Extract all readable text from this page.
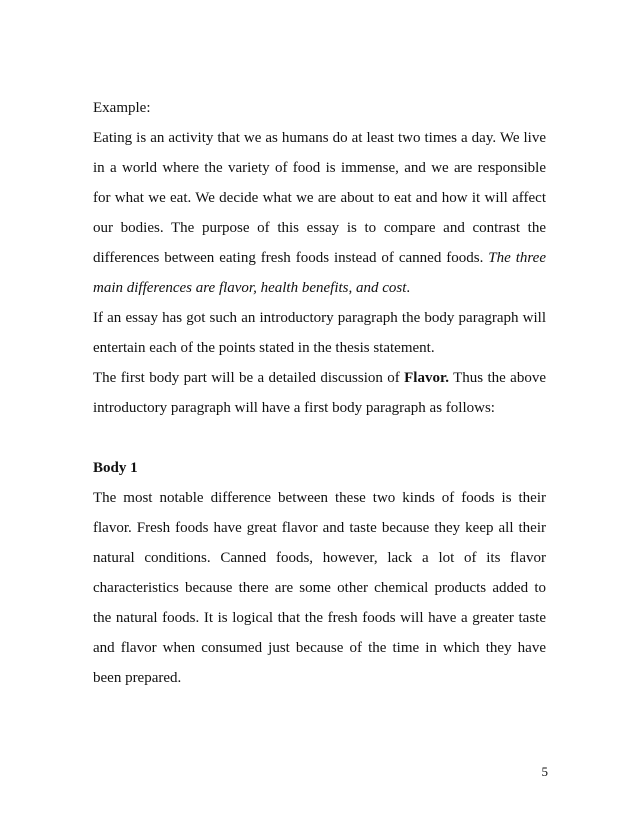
Example:

Eating is an activity that we as humans do at least two times a day. We live in a world where the variety of food is immense, and we are responsible for what we eat. We decide what we are about to eat and how it will affect our bodies. The purpose of this essay is to compare and contrast the differences between eating fresh foods instead of canned foods. The three main differences are flavor, health benefits, and cost.

If an essay has got such an introductory paragraph the body paragraph will entertain each of the points stated in the thesis statement.

The first body part will be a detailed discussion of Flavor. Thus the above introductory paragraph will have a first body paragraph as follows:

Body 1

The most notable difference between these two kinds of foods is their flavor. Fresh foods have great flavor and taste because they keep all their natural conditions. Canned foods, however, lack a lot of its flavor characteristics because there are some other chemical products added to the natural foods. It is logical that the fresh foods will have a greater taste and flavor when consumed just because of the time in which they have been prepared.

5
